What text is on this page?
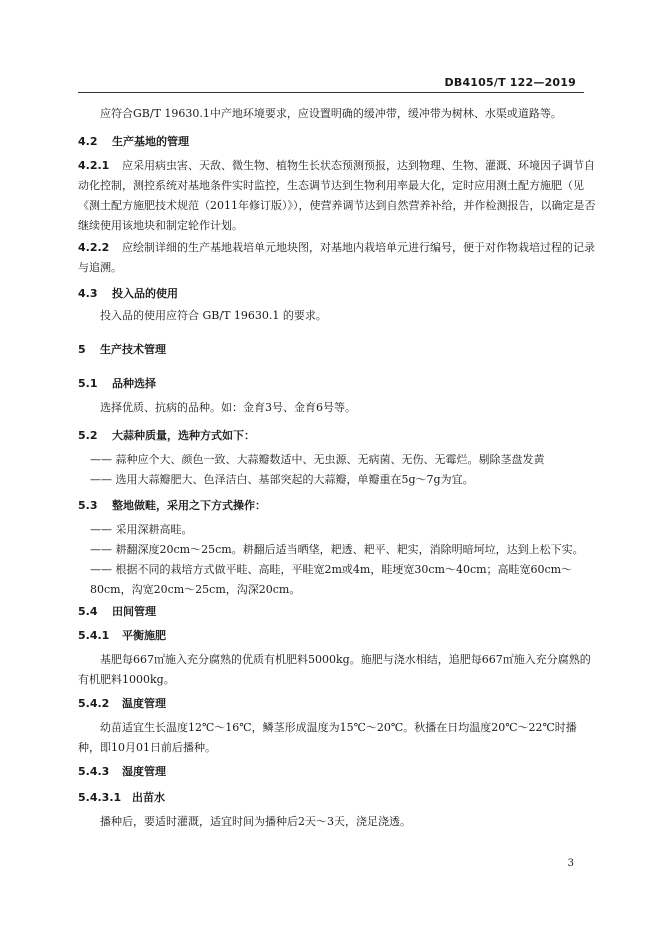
DB4105/T 122—2019
应符合GB/T 19630.1中产地环境要求，应设置明确的缓冲带，缓冲带为树林、水渠或道路等。
4.2 生产基地的管理
4.2.1 应采用病虫害、天敌、微生物、植物生长状态预测预报，达到物理、生物、灌溉、环境因子调节自动化控制，测控系统对基地条件实时监控，生态调节达到生物利用率最大化，定时应用测土配方施肥（见《测土配方施肥技术规范（2011年修订版）》），使营养调节达到自然营养补给，并作检测报告，以确定是否继续使用该地块和制定轮作计划。
4.2.2 应绘制详细的生产基地栽培单元地块图，对基地内栽培单元进行编号，便于对作物栽培过程的记录与追溯。
4.3 投入品的使用
投入品的使用应符合 GB/T 19630.1 的要求。
5 生产技术管理
5.1 品种选择
选择优质、抗病的品种。如：金育3号、金育6号等。
5.2 大蒜种质量，选种方式如下：
—— 蒜种应个大、颜色一致、大蒜瓣数适中、无虫源、无病菌、无伤、无霉烂。剔除茎盘发黄
—— 选用大蒜瓣肥大、色泽洁白、基部突起的大蒜瓣，单瓣重在5g～7g为宜。
5.3 整地做畦，采用之下方式操作：
—— 采用深耕高畦。
—— 耕翻深度20cm～25cm。耕翻后适当晒垡，耙透、耙平、耙实，消除明暗坷垃，达到上松下实。
—— 根据不同的栽培方式做平畦、高畦，平畦宽2m或4m，畦埂宽30cm～40cm；高畦宽60cm～80cm，沟宽20cm～25cm，沟深20cm。
5.4 田间管理
5.4.1 平衡施肥
基肥每667㎡施入充分腐熟的优质有机肥料5000kg。施肥与浇水相结，追肥每667㎡施入充分腐熟的有机肥料1000kg。
5.4.2 温度管理
幼苗适宜生长温度12℃～16℃，鳞茎形成温度为15℃～20℃。秋播在日均温度20℃～22℃时播种，即10月01日前后播种。
5.4.3 湿度管理
5.4.3.1 出苗水
播种后，要适时灌溉，适宜时间为播种后2天～3天，浇足浇透。
3
